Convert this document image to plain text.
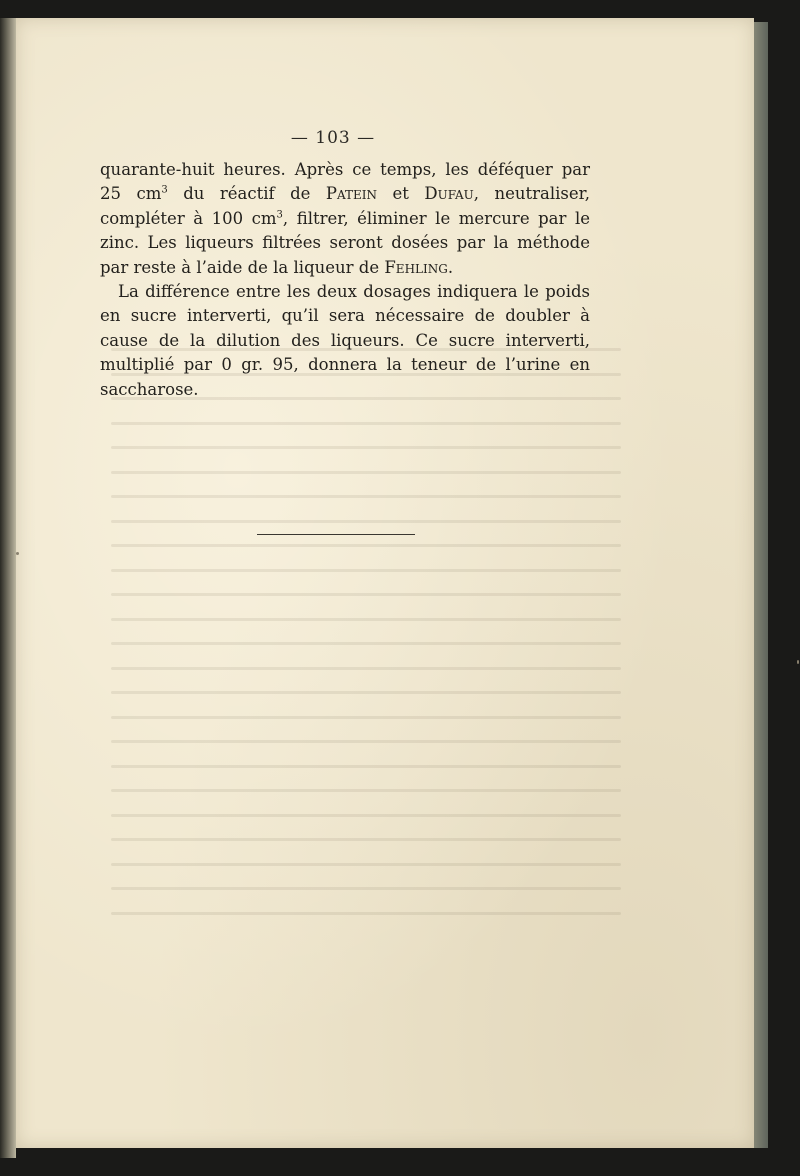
— 103 —

quarante-huit heures. Après ce temps, les déféquer par 25 $cm^3$ du réactif de Patein et Dufau, neutraliser, compléter à 100 $cm^3$, filtrer, éliminer le mercure par le zinc. Les liqueurs filtrées seront dosées par la méthode par reste à l’aide de la liqueur de Fehling.

La différence entre les deux dosages indiquera le poids en sucre interverti, qu’il sera nécessaire de doubler à cause de la dilution des liqueurs. Ce sucre interverti, multiplié par 0 gr. 95, donnera la teneur de l’urine en saccharose.
